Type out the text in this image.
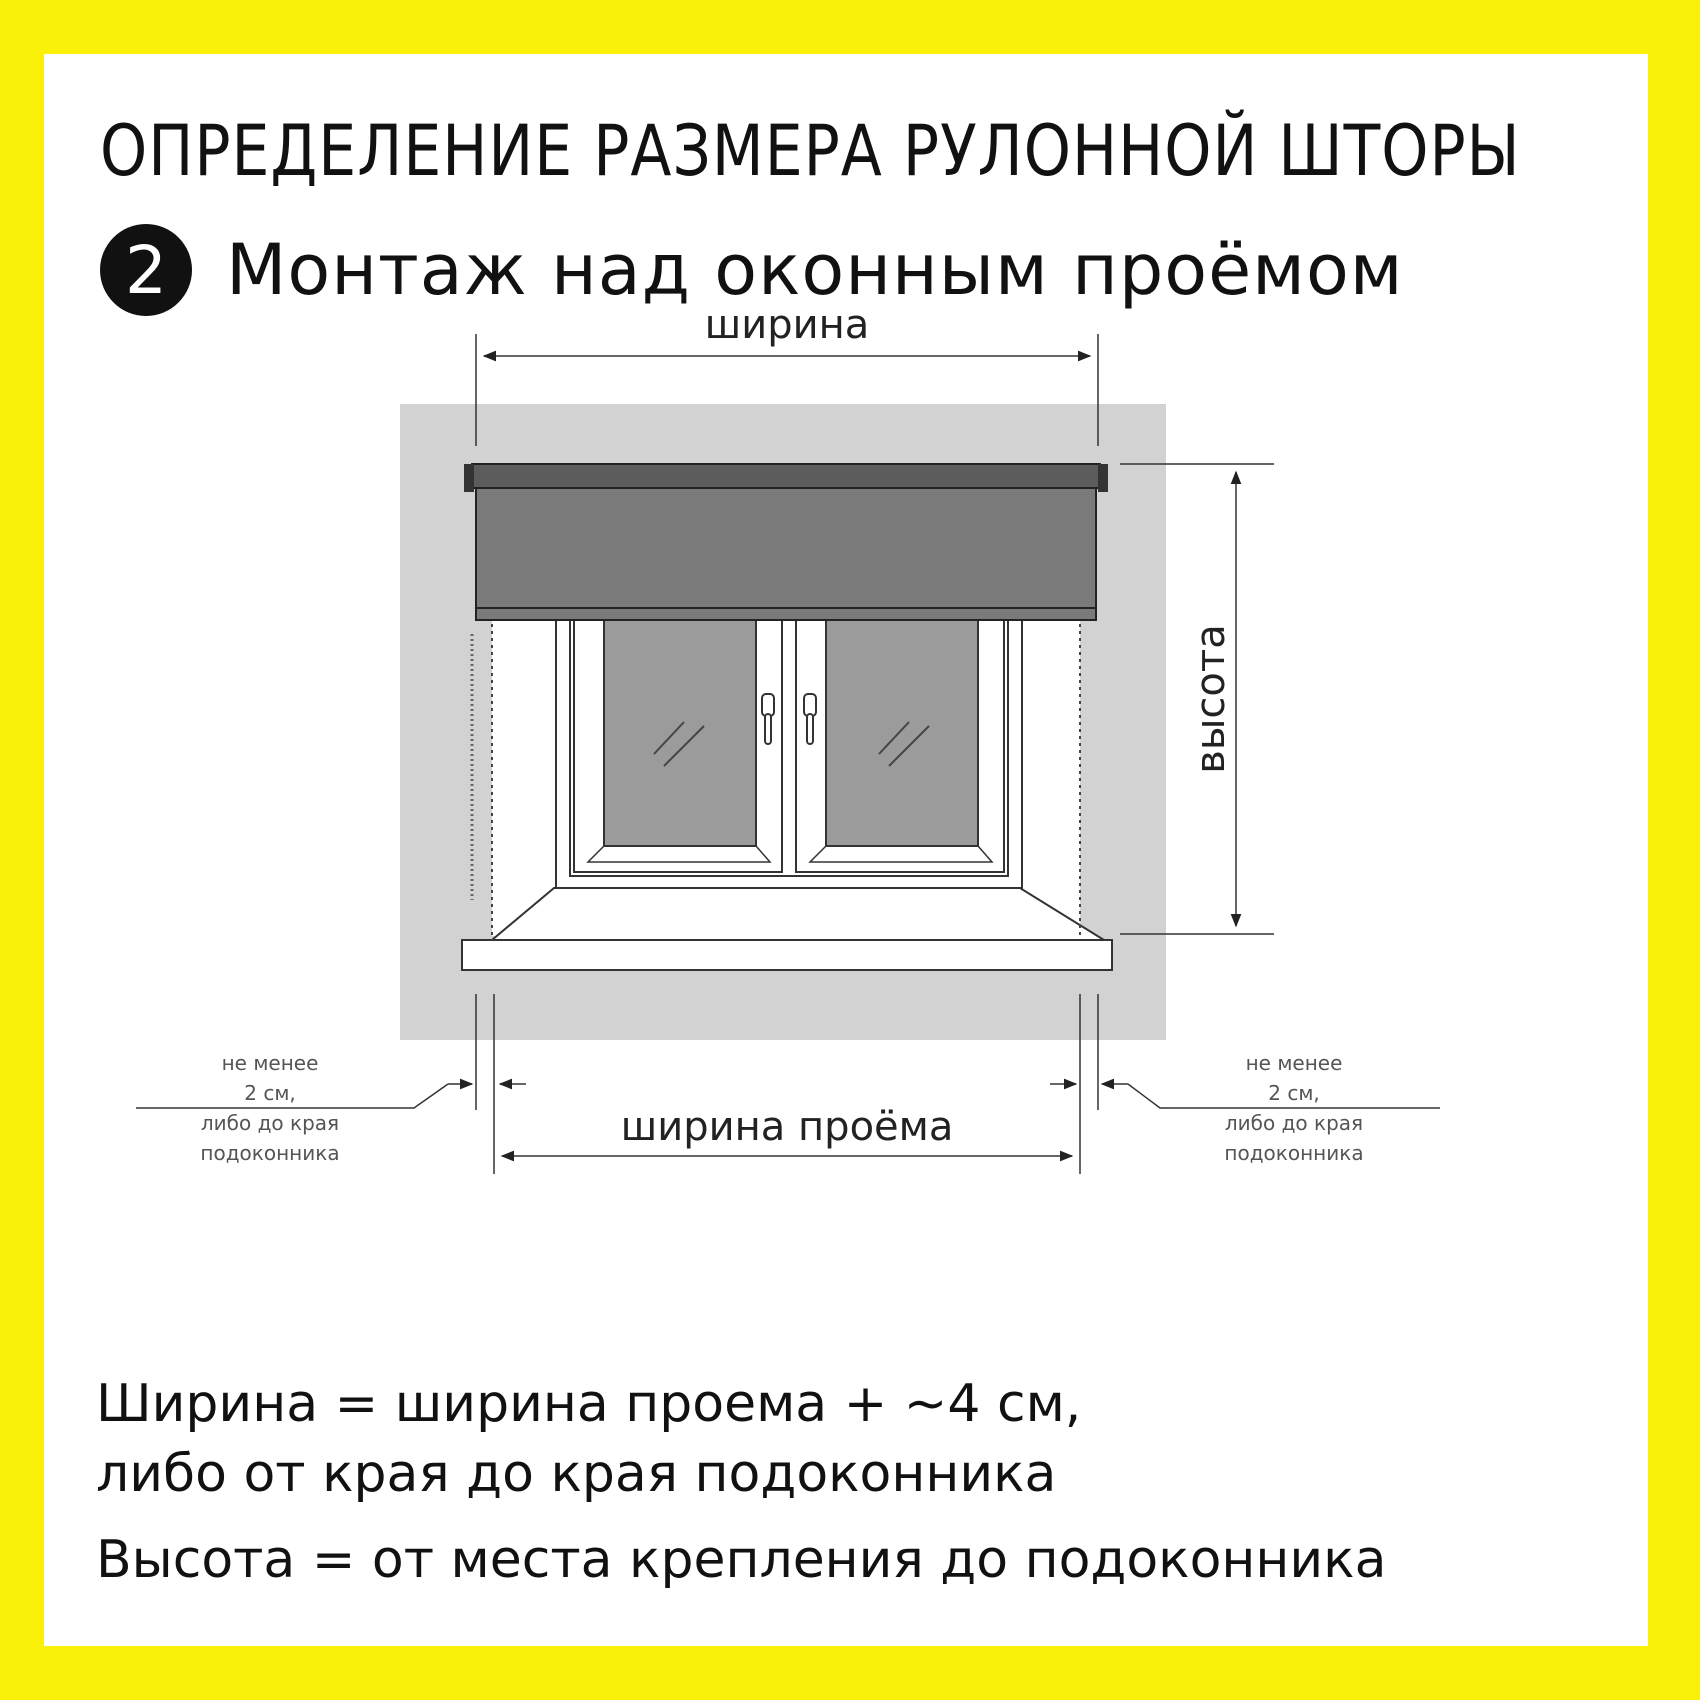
ОПРЕДЕЛЕНИЕ РАЗМЕРА РУЛОННОЙ ШТОРЫ
2 Монтаж над оконным проёмом
ширина
высота
ширина проёма
не менее
2 см,
либо до края
подоконника
не менее
2 см,
либо до края
подоконника
Ширина = ширина проема + ~4 см,
либо от края до края подоконника
Высота = от места крепления до подоконника
